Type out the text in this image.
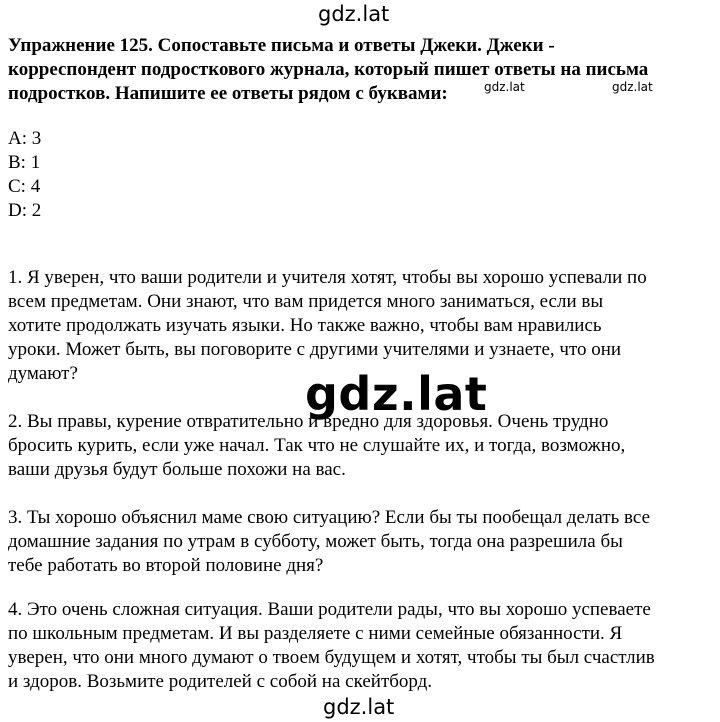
gdz.lat
Упражнение 125. Сопоставьте письма и ответы Джеки. Джеки -
корреспондент подросткового журнала, который пишет ответы на письма
подростков. Напишите ее ответы рядом с буквами:	gdz.lat	gdz.lat
A: 3
B: 1
C: 4
D: 2
1. Я уверен, что ваши родители и учителя хотят, чтобы вы хорошо успевали по
всем предметам. Они знают, что вам придется много заниматься, если вы
хотите продолжать изучать языки. Но также важно, чтобы вам нравились
уроки. Может быть, вы поговорите с другими учителями и узнаете, что они
думают?
2. Вы правы, курение отвратительно и вредно для здоровья. Очень трудно
бросить курить, если уже начал. Так что не слушайте их, и тогда, возможно,
ваши друзья будут больше похожи на вас.
3. Ты хорошо объяснил маме свою ситуацию? Если бы ты пообещал делать все
домашние задания по утрам в субботу, может быть, тогда она разрешила бы
тебе работать во второй половине дня?
4. Это очень сложная ситуация. Ваши родители рады, что вы хорошо успеваете
по школьным предметам. И вы разделяете с ними семейные обязанности. Я
уверен, что они много думают о твоем будущем и хотят, чтобы ты был счастлив
и здоров. Возьмите родителей с собой на скейтборд.
gdz.lat
gdz.lat
